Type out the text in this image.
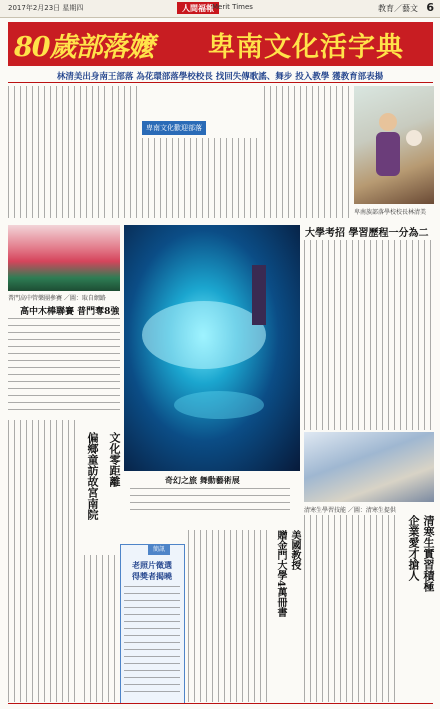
2017年2月23日 星期四	人間福報
Merit Times	教育／藝文 6
80歲部落嬤 卑南文化活字典
林清美出身南王部落 為花環部落學校校長 找回失傳歌謠、舞步 投入教學 獲教育部表揚
卑南文化歡迎部落
卑南族部落學校校長林清美
普門高中管樂團參賽 ／圖：取自網路
高中木棒聯賽 普門奪8強
奇幻之旅 舞動藝術展
大學考招 學習歷程一分為二
文化零距離
偏鄉童訪故宮南院	清寒生學習技能 ／圖：清寒生提供
清寒生實習積極
企業愛才搶人
美國教授
贈金門大學4萬冊書
簡訊
老照片徵選
得獎者揭曉
